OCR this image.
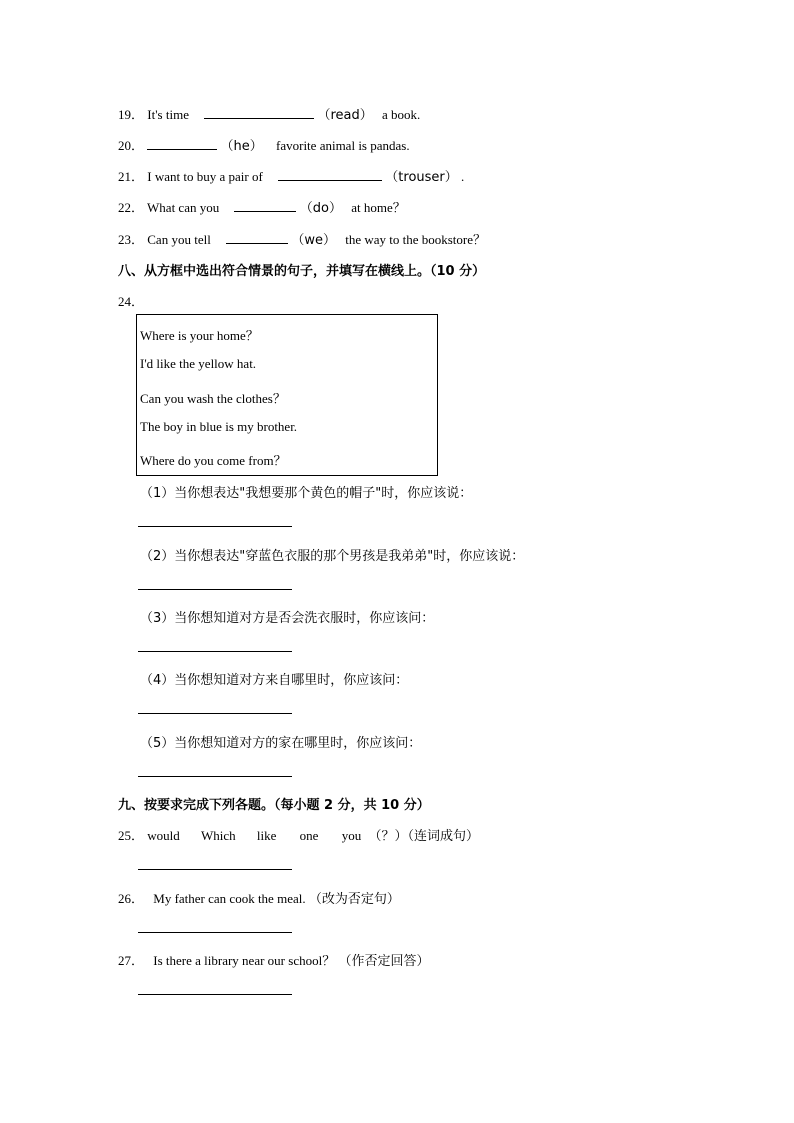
19． It's time	（read） a book.
20．	（he） favorite animal is pandas.
21． I want to buy a pair of	（trouser） .
22． What can you	（do） at home？
23． Can you tell	（we） the way to the bookstore？
八、从方框中选出符合情景的句子，并填写在横线上。（10 分）
24．
Where is your home？
I'd like the yellow hat.
Can you wash the clothes？
The boy in blue is my brother.
Where do you come from？
（1）当你想表达"我想要那个黄色的帽子"时，你应该说：
（2）当你想表达"穿蓝色衣服的那个男孩是我弟弟"时，你应该说：
（3）当你想知道对方是否会洗衣服时，你应该问：
（4）当你想知道对方来自哪里时，你应该问：
（5）当你想知道对方的家在哪里时，你应该问：
九、按要求完成下列各题。（每小题 2 分，共 10 分）
25． would Which like one you （？）（连词成句）
26． My father can cook the meal. （改为否定句）
27． Is there a library near our school？ （作否定回答）
